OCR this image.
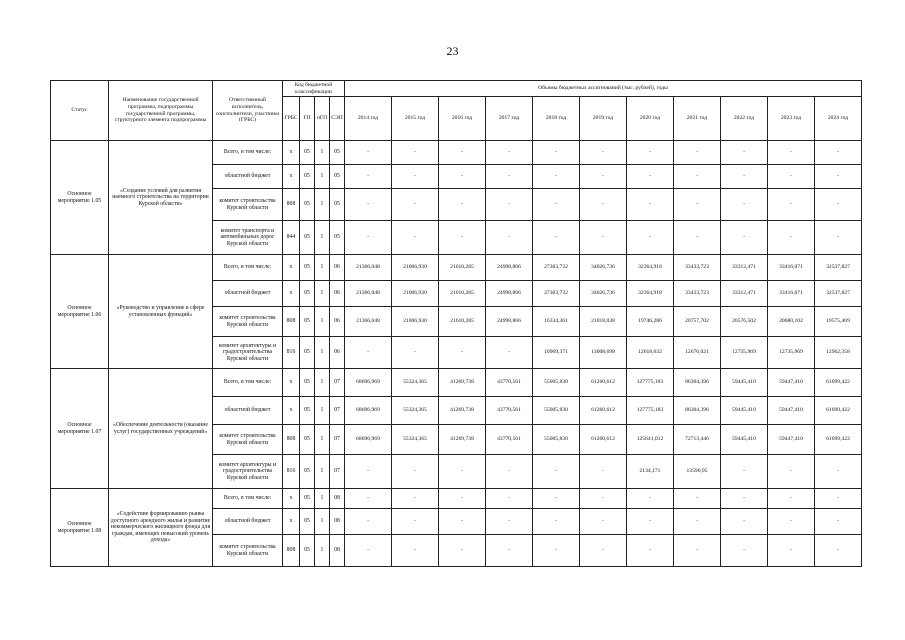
23
Статус	Наименование государственной программы, подпрограммы государственной программы, структурного элемента подпрограммы	Ответственный исполнитель, соисполнители, участники (ГРБС)	Код бюджетной классификации				Объемы бюджетных ассигнований (тыс. рублей), годы										
			ГРБС	ГП	пГП	СЭП	2014 год	2015 год	2016 год	2017 год	2018 год	2019 год	2020 год	2021 год	2022 год	2023 год	2024 год
Основное мероприятие 1.05	«Создание условий для развития наемного строительства на территории Курской области»	Всего, в том числе:	х	05	1	05	-	-	-	-	-	-	-	-	-	-	-
		областной бюджет	х	05	1	05	-	-	-	-	-	-	-	-	-	-	-
		комитет строительства Курской области	808	05	1	05	-	-	-	-	-	-	-	-	-	-	-
		комитет транспорта и автомобильных дорог Курской области	844	05	1	05	-	-	-	-	-	-	-	-	-	-	-
Основное мероприятие 1.06	«Руководство и управление в сфере установленных функций»	Всего, в том числе:	х	05	1	06	21366,048	21006,930	21610,285	24998,866	27303,732	34026,736	32364,918	33433,723	33312,471	33416,071	32537,827
		областной бюджет	х	05	1	06	21366,048	21006,930	21610,285	24998,866	27303,732	34026,736	32364,918	33433,723	33312,471	33416,071	32537,827
		комитет строительства Курской области	808	05	1	06	21366,048	21006,930	21610,285	24998,866	16334,361	21018,038	19746,286	20757,702	20576,502	20680,102	19575,469
		комитет архитектуры и градостроительства Курской области	816	05	1	06	-	-	-	-	10969,371	13008,698	12618,632	12676,021	12735,969	12735,969	12962,358
Основное мероприятие 1.07	«Обеспечение деятельности (оказание услуг) государственных учреждений»	Всего, в том числе:	х	05	1	07	68696,969	55324,365	41269,738	43770,561	55005,830	61260,612	127775,183	86304,396	59445,410	59447,410	61699,422
		областной бюджет	х	05	1	07	68696,969	55324,365	41269,738	43770,561	55005,830	61260,612	127775,183	86304,396	59445,410	59447,410	61699,422
		комитет строительства Курской области	808	05	1	07	68696,969	55324,365	41269,738	43770,561	55005,830	61260,612	125641,012	72713,446	59445,410	59447,410	61699,422
		комитет архитектуры и градостроительства Курской области	816	05	1	07	-	-	-	-	-	-	2134,171	13590,95	-	-	-
Основное мероприятие 1.08	«Содействие формированию рынка доступного арендного жилья и развитие некоммерческого жилищного фонда для граждан, имеющих невысокий уровень дохода»	Всего, в том числе:	х	05	1	08	-	-	-	-	-	-	-	-	-	-	-
		областной бюджет	х	05	1	08	-	-	-	-	-	-	-	-	-	-	-
		комитет строительства Курской области	808	05	1	08	-	-	-	-	-	-	-	-	-	-	-
